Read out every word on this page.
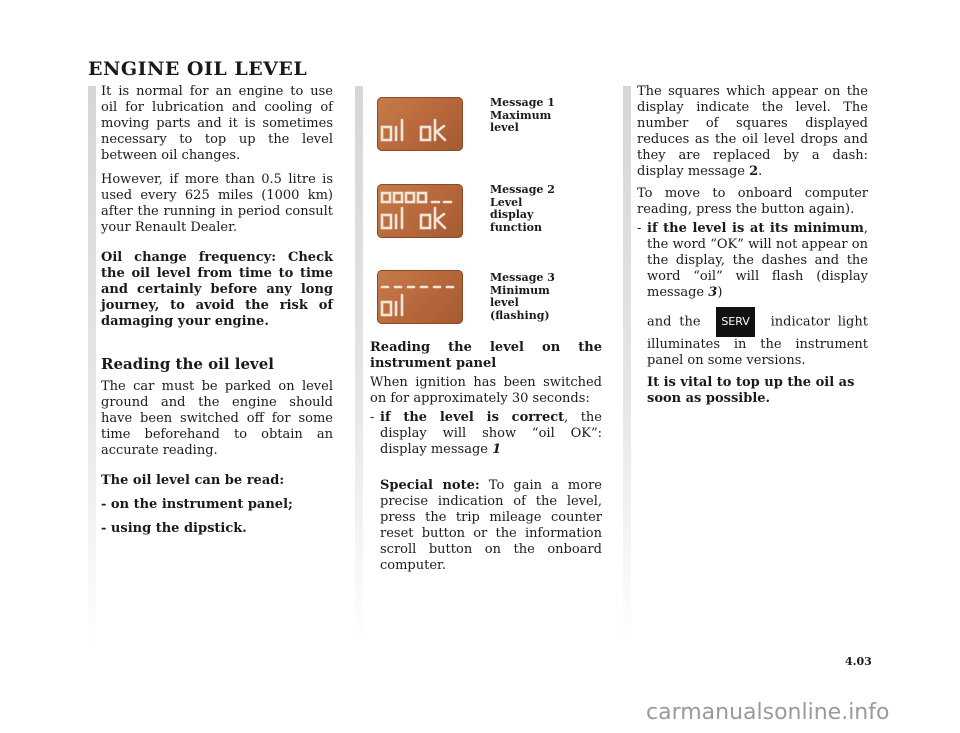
ENGINE OIL LEVEL

It is normal for an engine to use oil for lubrication and cooling of moving parts and it is sometimes necessary to top up the level between oil changes.

However, if more than 0.5 litre is used every 625 miles (1000 km) after the running in period consult your Renault Dealer.

Oil change frequency: Check the oil level from time to time and certainly before any long journey, to avoid the risk of damaging your engine.

Reading the oil level

The car must be parked on level ground and the engine should have been switched off for some time beforehand to obtain an accurate reading.

The oil level can be read:

- on the instrument panel;

- using the dipstick.

Message 1
Maximum
level
Message 2
Level
display
function
Message 3
Minimum
level
(flashing)

Reading the level on the instrument panel

When ignition has been switched on for approximately 30 seconds:

- if the level is correct, the display will show “oil OK”: display message 1
Special note: To gain a more precise indication of the level, press the trip mileage counter reset button or the information scroll button on the onboard computer.

The squares which appear on the display indicate the level. The number of squares displayed reduces as the oil level drops and they are replaced by a dash: display message 2.

To move to onboard computer reading, press the button again).

- if the level is at its minimum, the word “OK” will not appear on the display, the dashes and the word “oil” will flash (display message 3)
and the SERV indicator light illuminates in the instrument panel on some versions.
It is vital to top up the oil as soon as possible.
4.03
carmanualsonline.info
